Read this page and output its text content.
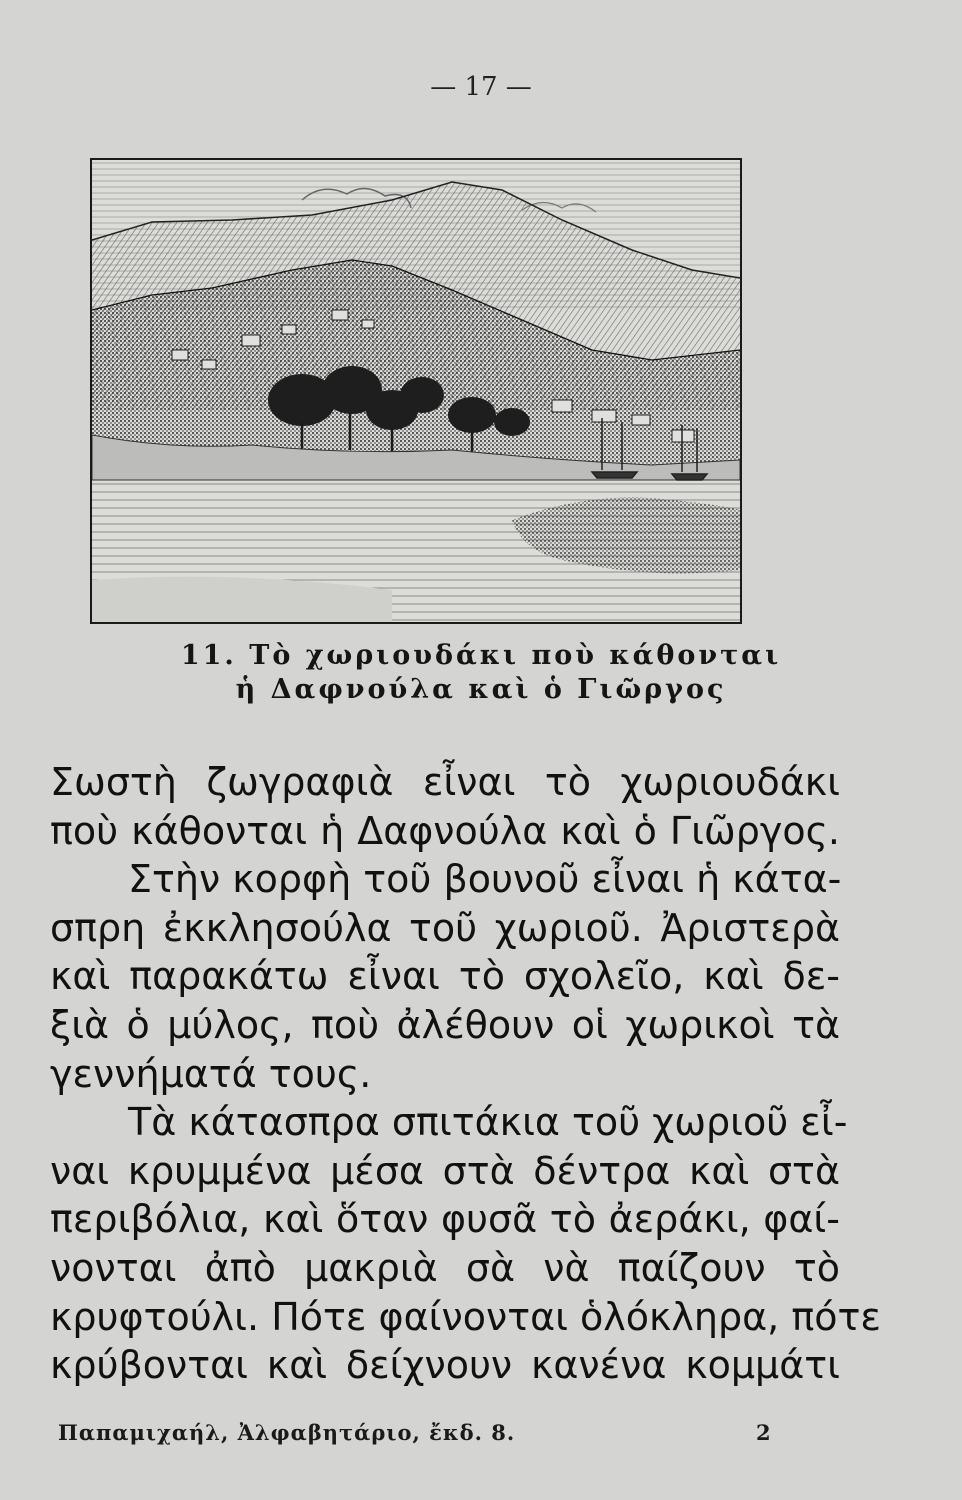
— 17 —
11. Τὸ χωριουδάκι ποὺ κάθονται
ἡ Δαφνούλα καὶ ὁ Γιῶργος
Σωστὴ ζωγραφιὰ εἶναι τὸ χωριουδάκι
ποὺ κάθονται ἡ Δαφνούλα καὶ ὁ Γιῶργος.
Στὴν κορφὴ τοῦ βουνοῦ εἶναι ἡ κάτα-
σπρη ἐκκλησούλα τοῦ χωριοῦ. Ἀριστερὰ
καὶ παρακάτω εἶναι τὸ σχολεῖο, καὶ δε-
ξιὰ ὁ μύλος, ποὺ ἀλέθουν οἱ χωρικοὶ τὰ
γεννήματά τους.
Τὰ κάτασπρα σπιτάκια τοῦ χωριοῦ εἶ-
ναι κρυμμένα μέσα στὰ δέντρα καὶ στὰ
περιβόλια, καὶ ὅταν φυσᾶ τὸ ἀεράκι, φαί-
νονται ἀπὸ μακριὰ σὰ νὰ παίζουν τὸ
κρυφτούλι. Πότε φαίνονται ὁλόκληρα, πότε
κρύβονται καὶ δείχνουν κανένα κομμάτι
Παπαμιχαήλ, Ἀλφαβητάριο, ἔκδ. 8.	2
